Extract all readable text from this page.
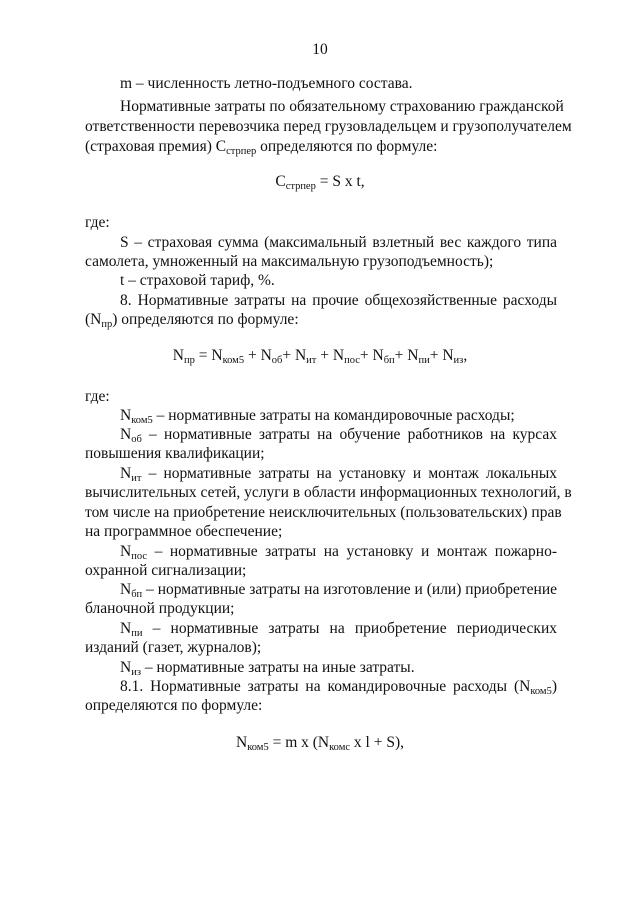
10
m – численность летно-подъемного состава.
Нормативные затраты по обязательному страхованию гражданской
ответственности перевозчика перед грузовладельцем и грузополучателем
(страховая премия) $C_{стрпер}$ определяются по формуле:
$C_{стрпер} = S$ x t,
где:
S – страховая сумма (максимальный взлетный вес каждого типа
самолета, умноженный на максимальную грузоподъемность);
t – страховой тариф, %.
8. Нормативные затраты на прочие общехозяйственные расходы
$(N_{пр})$ определяются по формуле:
$N_{пр} = N_{ком5} + N_{об}+ N_{ит} + N_{пос}+ N_{бп}+ N_{пи}+ N_{из}$,
где:
$N_{ком5}$ – нормативные затраты на командировочные расходы;
$N_{об}$ – нормативные затраты на обучение работников на курсах
повышения квалификации;
$N_{ит}$ – нормативные затраты на установку и монтаж локальных
вычислительных сетей, услуги в области информационных технологий, в
том числе на приобретение неисключительных (пользовательских) прав
на программное обеспечение;
$N_{пос}$ – нормативные затраты на установку и монтаж пожарно-
охранной сигнализации;
$N_{бп}$ – нормативные затраты на изготовление и (или) приобретение
бланочной продукции;
$N_{пи}$ – нормативные затраты на приобретение периодических
изданий (газет, журналов);
$N_{из}$ – нормативные затраты на иные затраты.
8.1. Нормативные затраты на командировочные расходы $(N_{ком5})$
определяются по формуле:
$N_{ком5} = m$ x ($N_{комс}$ x l + S),
